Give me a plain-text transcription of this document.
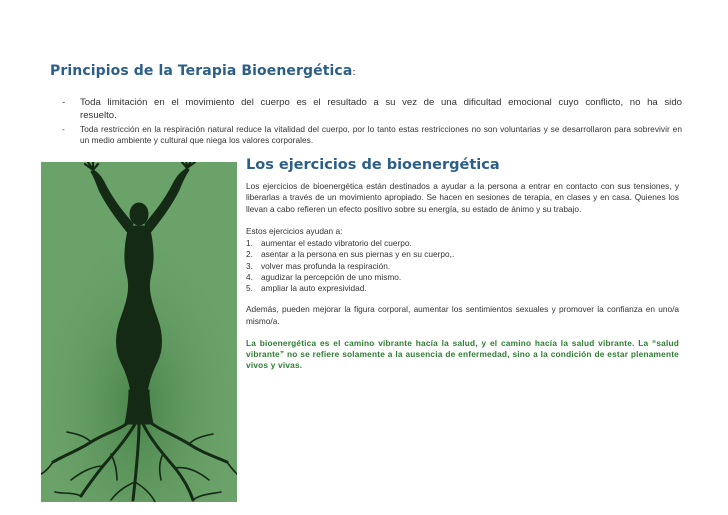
Principios de la Terapia Bioenergética:
- Toda limitación en el movimiento del cuerpo es el resultado a su vez de una dificultad emocional cuyo conflicto, no ha sido resuelto.
- Toda restricción en la respiración natural reduce la vitalidad del cuerpo, por lo tanto estas restricciones no son voluntarias y se desarrollaron para sobrevivir en un medio ambiente y cultural que niega los valores corporales.
Los ejercicios de bioenergética

Los ejercicios de bioenergética están destinados a ayudar a la persona a entrar en contacto con sus tensiones, y liberarlas a través de un movimiento apropiado. Se hacen en sesiones de terapia, en clases y en casa. Quienes los llevan a cabo refieren un efecto positivo sobre su energía, su estado de ánimo y su trabajo.

Estos ejercicios ayudan a:

1. aumentar el estado vibratorio del cuerpo.
2. asentar a la persona en sus piernas y en su cuerpo,.
3. volver mas profunda la respiración.
4. agudizar la percepción de uno mismo.
5. ampliar la auto expresividad.

Además, pueden mejorar la figura corporal, aumentar los sentimientos sexuales y promover la confianza en uno/a mismo/a.

La bioenergética es el camino vibrante hacía la salud, y el camino hacía la salud vibrante. La “salud vibrante” no se refiere solamente a la ausencia de enfermedad, sino a la condición de estar plenamente vivos y vivas.
